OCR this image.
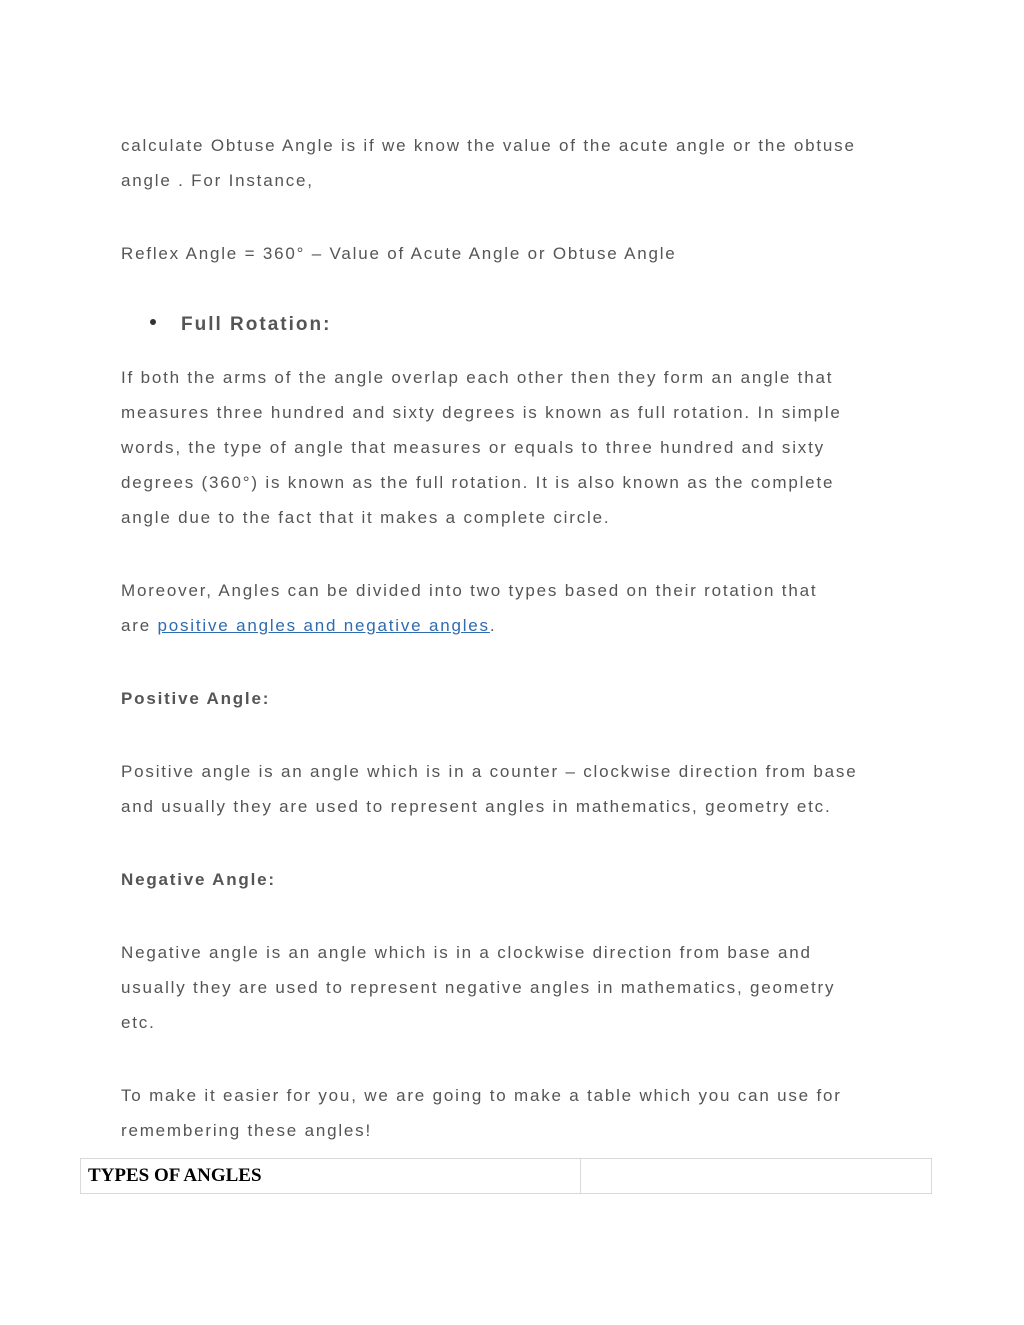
calculate Obtuse Angle is if we know the value of the acute angle or the obtuse
angle . For Instance,
Reflex Angle = 360° – Value of Acute Angle or Obtuse Angle
Full Rotation:
If both the arms of the angle overlap each other then they form an angle that
measures three hundred and sixty degrees is known as full rotation. In simple
words, the type of angle that measures or equals to three hundred and sixty
degrees (360°) is known as the full rotation. It is also known as the complete
angle due to the fact that it makes a complete circle.
Moreover, Angles can be divided into two types based on their rotation that
are positive angles and negative angles.
Positive Angle:
Positive angle is an angle which is in a counter – clockwise direction from base
and usually they are used to represent angles in mathematics, geometry etc.
Negative Angle:
Negative angle is an angle which is in a clockwise direction from base and
usually they are used to represent negative angles in mathematics, geometry
etc.
To make it easier for you, we are going to make a table which you can use for
remembering these angles!
TYPES OF ANGLES
